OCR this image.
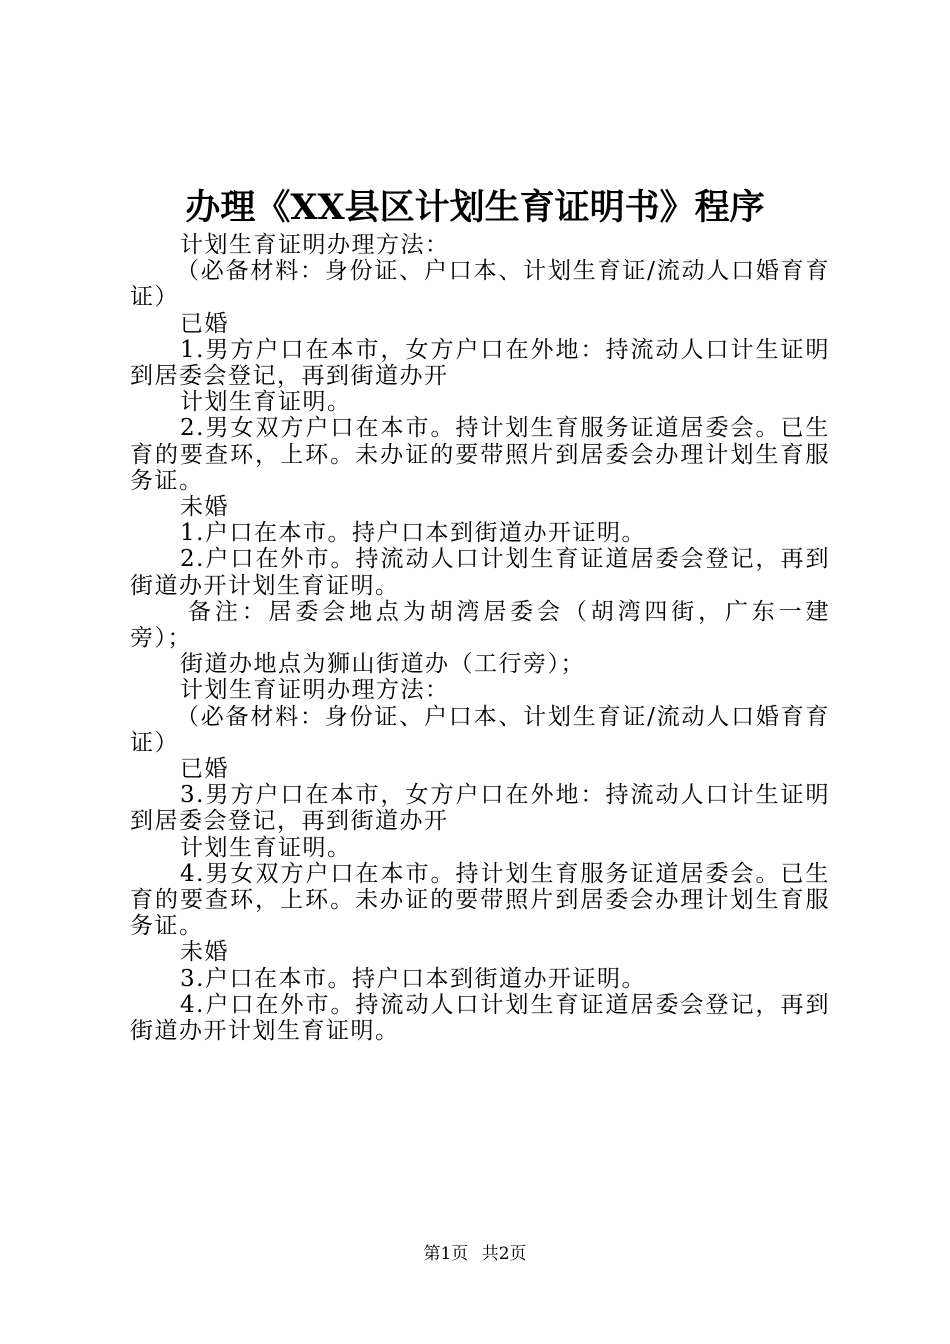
办理《XX县区计划生育证明书》程序

计划生育证明办理方法：

（必备材料：身份证、户口本、计划生育证/流动人口婚育育证）

已婚

1.男方户口在本市，女方户口在外地：持流动人口计生证明到居委会登记，再到街道办开

计划生育证明。

2.男女双方户口在本市。持计划生育服务证道居委会。已生育的要查环，上环。未办证的要带照片到居委会办理计划生育服务证。

未婚

1.户口在本市。持户口本到街道办开证明。

2.户口在外市。持流动人口计划生育证道居委会登记，再到街道办开计划生育证明。

备注：居委会地点为胡湾居委会（胡湾四街，广东一建旁）；

街道办地点为狮山街道办（工行旁）；

计划生育证明办理方法：

（必备材料：身份证、户口本、计划生育证/流动人口婚育育证）

已婚

3.男方户口在本市，女方户口在外地：持流动人口计生证明到居委会登记，再到街道办开

计划生育证明。

4.男女双方户口在本市。持计划生育服务证道居委会。已生育的要查环，上环。未办证的要带照片到居委会办理计划生育服务证。

未婚

3.户口在本市。持户口本到街道办开证明。

4.户口在外市。持流动人口计划生育证道居委会登记，再到街道办开计划生育证明。

第1页 共2页
